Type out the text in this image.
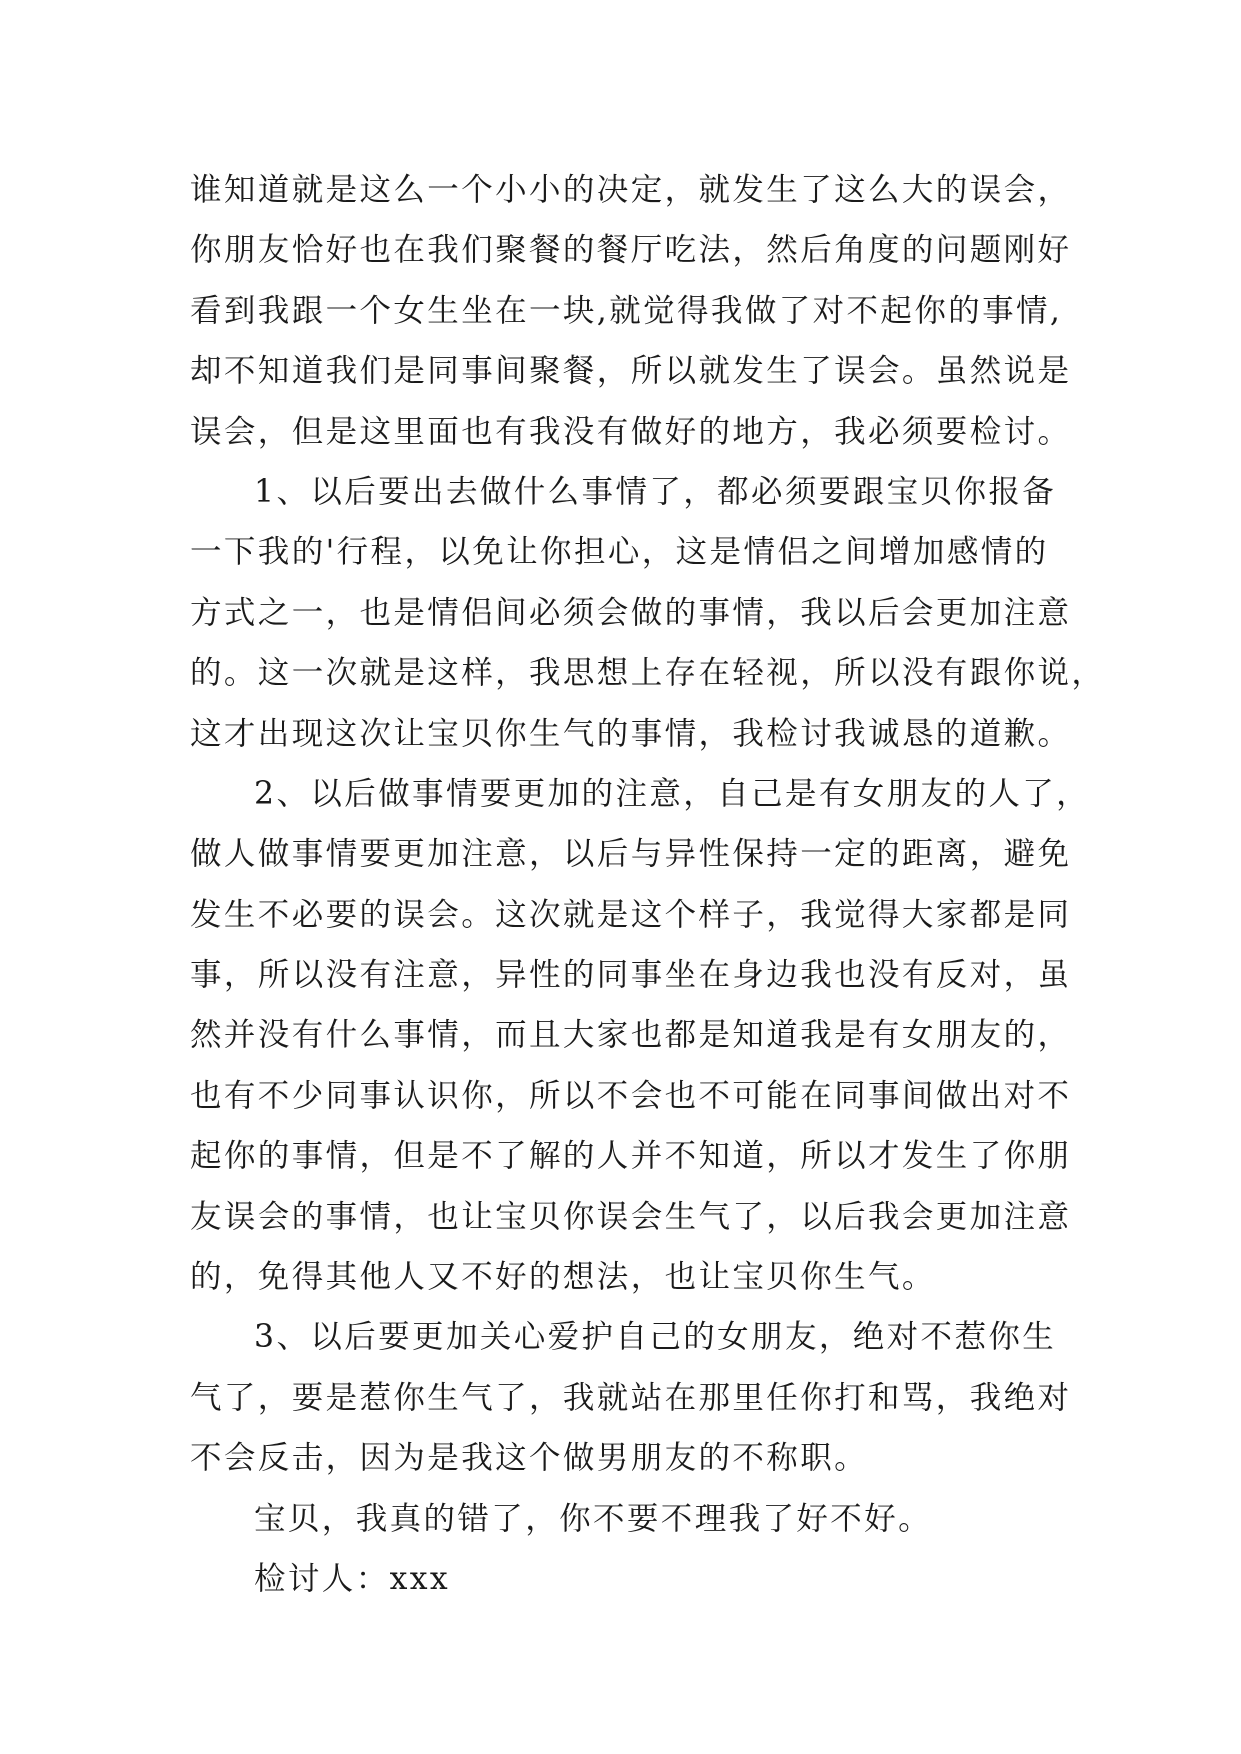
谁知道就是这么一个小小的决定，就发生了这么大的误会，
你朋友恰好也在我们聚餐的餐厅吃法，然后角度的问题刚好
看到我跟一个女生坐在一块,就觉得我做了对不起你的事情,
却不知道我们是同事间聚餐，所以就发生了误会。虽然说是
误会，但是这里面也有我没有做好的地方，我必须要检讨。
1、以后要出去做什么事情了，都必须要跟宝贝你报备
一下我的'行程，以免让你担心，这是情侣之间增加感情的
方式之一，也是情侣间必须会做的事情，我以后会更加注意
的。这一次就是这样，我思想上存在轻视，所以没有跟你说，
这才出现这次让宝贝你生气的事情，我检讨我诚恳的道歉。
2、以后做事情要更加的注意，自己是有女朋友的人了，
做人做事情要更加注意，以后与异性保持一定的距离，避免
发生不必要的误会。这次就是这个样子，我觉得大家都是同
事，所以没有注意，异性的同事坐在身边我也没有反对，虽
然并没有什么事情，而且大家也都是知道我是有女朋友的，
也有不少同事认识你，所以不会也不可能在同事间做出对不
起你的事情，但是不了解的人并不知道，所以才发生了你朋
友误会的事情，也让宝贝你误会生气了，以后我会更加注意
的，免得其他人又不好的想法，也让宝贝你生气。
3、以后要更加关心爱护自己的女朋友，绝对不惹你生
气了，要是惹你生气了，我就站在那里任你打和骂，我绝对
不会反击，因为是我这个做男朋友的不称职。
宝贝，我真的错了，你不要不理我了好不好。
检讨人：xxx
